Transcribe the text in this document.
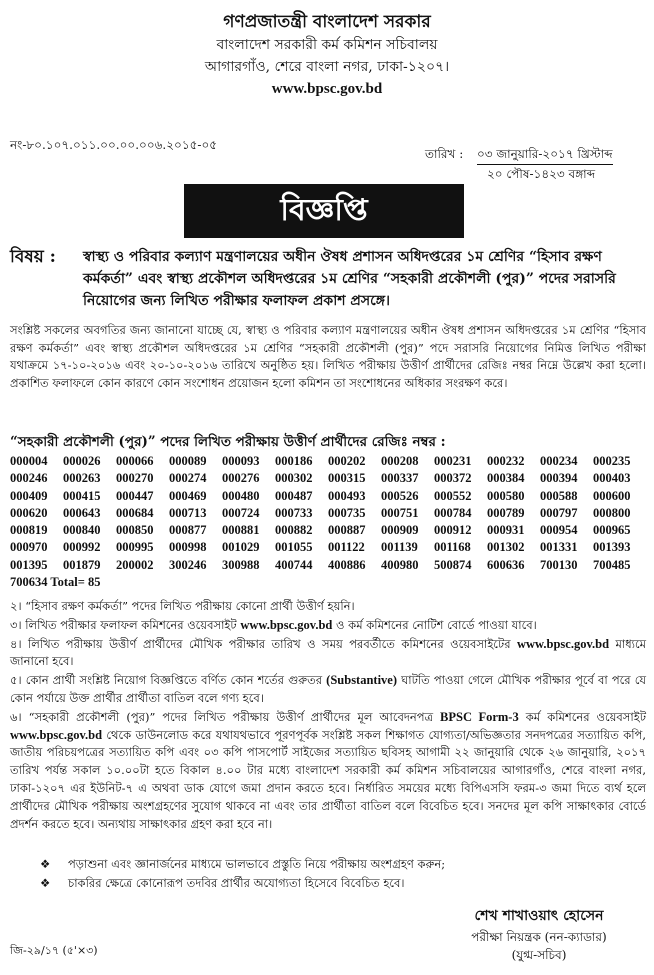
গণপ্রজাতন্ত্রী বাংলাদেশ সরকার
বাংলাদেশ সরকারী কর্ম কমিশন সচিবালয়
আগারগাঁও, শেরে বাংলা নগর, ঢাকা-১২০৭।
www.bpsc.gov.bd
নং-৮০.১০৭.০১১.০০.০০.০০৬.২০১৫-০৫
তারিখ : ০৩ জানুয়ারি-২০১৭ খ্রিস্টাব্দ
২০ পৌষ-১৪২৩ বঙ্গাব্দ
বিজ্ঞপ্তি
বিষয় :	স্বাস্থ্য ও পরিবার কল্যাণ মন্ত্রণালয়ের অধীন ঔষধ প্রশাসন অধিদপ্তরের ১ম শ্রেণির “হিসাব রক্ষণ কর্মকর্তা” এবং স্বাস্থ্য প্রকৌশল অধিদপ্তরের ১ম শ্রেণির “সহকারী প্রকৌশলী (পুর)” পদের সরাসরি নিয়োগের জন্য লিখিত পরীক্ষার ফলাফল প্রকাশ প্রসঙ্গে।
সংশ্লিষ্ট সকলের অবগতির জন্য জানানো যাচ্ছে যে, স্বাস্থ্য ও পরিবার কল্যাণ মন্ত্রণালয়ের অধীন ঔষধ প্রশাসন অধিদপ্তরের ১ম শ্রেণির “হিসাব রক্ষণ কর্মকর্তা” এবং স্বাস্থ্য প্রকৌশল অধিদপ্তরের ১ম শ্রেণির “সহকারী প্রকৌশলী (পুর)” পদে সরাসরি নিয়োগের নিমিত্ত লিখিত পরীক্ষা যথাক্রমে ১৭-১০-২০১৬ এবং ২০-১০-২০১৬ তারিখে অনুষ্ঠিত হয়। লিখিত পরীক্ষায় উত্তীর্ণ প্রার্থীদের রেজিঃ নম্বর নিম্নে উল্লেখ করা হলো। প্রকাশিত ফলাফলে কোন কারণে কোন সংশোধন প্রয়োজন হলো কমিশন তা সংশোধনের অধিকার সংরক্ষণ করে।
“সহকারী প্রকৌশলী (পুর)” পদের লিখিত পরীক্ষায় উত্তীর্ণ প্রার্থীদের রেজিঃ নম্বর :
000004	000026	000066	000089	000093	000186	000202	000208	000231	000232	000234	000235
000246	000263	000270	000274	000276	000302	000315	000337	000372	000384	000394	000403
000409	000415	000447	000469	000480	000487	000493	000526	000552	000580	000588	000600
000620	000643	000684	000713	000724	000733	000735	000751	000784	000789	000797	000800
000819	000840	000850	000877	000881	000882	000887	000909	000912	000931	000954	000965
000970	000992	000995	000998	001029	001055	001122	001139	001168	001302	001331	001393
001395	001879	200002	300246	300988	400744	400886	400980	500874	600636	700130	700485
700634 Total= 85
২। “হিসাব রক্ষণ কর্মকর্তা” পদের লিখিত পরীক্ষায় কোনো প্রার্থী উত্তীর্ণ হয়নি।
৩। লিখিত পরীক্ষার ফলাফল কমিশনের ওয়েবসাইট www.bpsc.gov.bd ও কর্ম কমিশনের নোটিশ বোর্ডে পাওয়া যাবে।
৪। লিখিত পরীক্ষায় উত্তীর্ণ প্রার্থীদের মৌখিক পরীক্ষার তারিখ ও সময় পরবর্তীতে কমিশনের ওয়েবসাইটের www.bpsc.gov.bd মাধ্যমে জানানো হবে।
৫। কোন প্রার্থী সংশ্লিষ্ট নিয়োগ বিজ্ঞপ্তিতে বর্ণিত কোন শর্তের গুরুতর (Substantive) ঘাটতি পাওয়া গেলে মৌখিক পরীক্ষার পূর্বে বা পরে যে কোন পর্যায়ে উক্ত প্রার্থীর প্রার্থীতা বাতিল বলে গণ্য হবে।
৬। “সহকারী প্রকৌশলী (পুর)” পদের লিখিত পরীক্ষায় উত্তীর্ণ প্রার্থীদের মূল আবেদনপত্র BPSC Form-3 কর্ম কমিশনের ওয়েবসাইট www.bpsc.gov.bd থেকে ডাউনলোড করে যথাযথভাবে পূরণপূর্বক সংশ্লিষ্ট সকল শিক্ষাগত যোগ্যতা/অভিজ্ঞতার সনদপত্রের সত্যায়িত কপি, জাতীয় পরিচয়পত্রের সত্যায়িত কপি এবং ০৩ কপি পাসপোর্ট সাইজের সত্যায়িত ছবিসহ আগামী ২২ জানুয়ারি থেকে ২৬ জানুয়ারি, ২০১৭ তারিখ পর্যন্ত সকাল ১০.০০টা হতে বিকাল ৪.০০ টার মধ্যে বাংলাদেশ সরকারী কর্ম কমিশন সচিবালয়ের আগারগাঁও, শেরে বাংলা নগর, ঢাকা-১২০৭ এর ইউনিট-৭ এ অথবা ডাক যোগে জমা প্রদান করতে হবে। নির্ধারিত সময়ের মধ্যে বিপিএসসি ফরম-৩ জমা দিতে ব্যর্থ হলে প্রার্থীদের মৌখিক পরীক্ষায় অংশগ্রহণের সুযোগ থাকবে না এবং তার প্রার্থীতা বাতিল বলে বিবেচিত হবে। সনদের মূল কপি সাক্ষাৎকার বোর্ডে প্রদর্শন করতে হবে। অন্যথায় সাক্ষাৎকার গ্রহণ করা হবে না।
❖	পড়াশুনা এবং জ্ঞানার্জনের মাধ্যমে ভালভাবে প্রস্তুতি নিয়ে পরীক্ষায় অংশগ্রহণ করুন;
❖	চাকরির ক্ষেত্রে কোনোরূপ তদবির প্রার্থীর অযোগ্যতা হিসেবে বিবেচিত হবে।
শেখ শাখাওয়াৎ হোসেন
পরীক্ষা নিয়ন্ত্রক (নন-ক্যাডার)
(যুগ্ম-সচিব)
জি-২৯/১৭ (৫'×৩)
